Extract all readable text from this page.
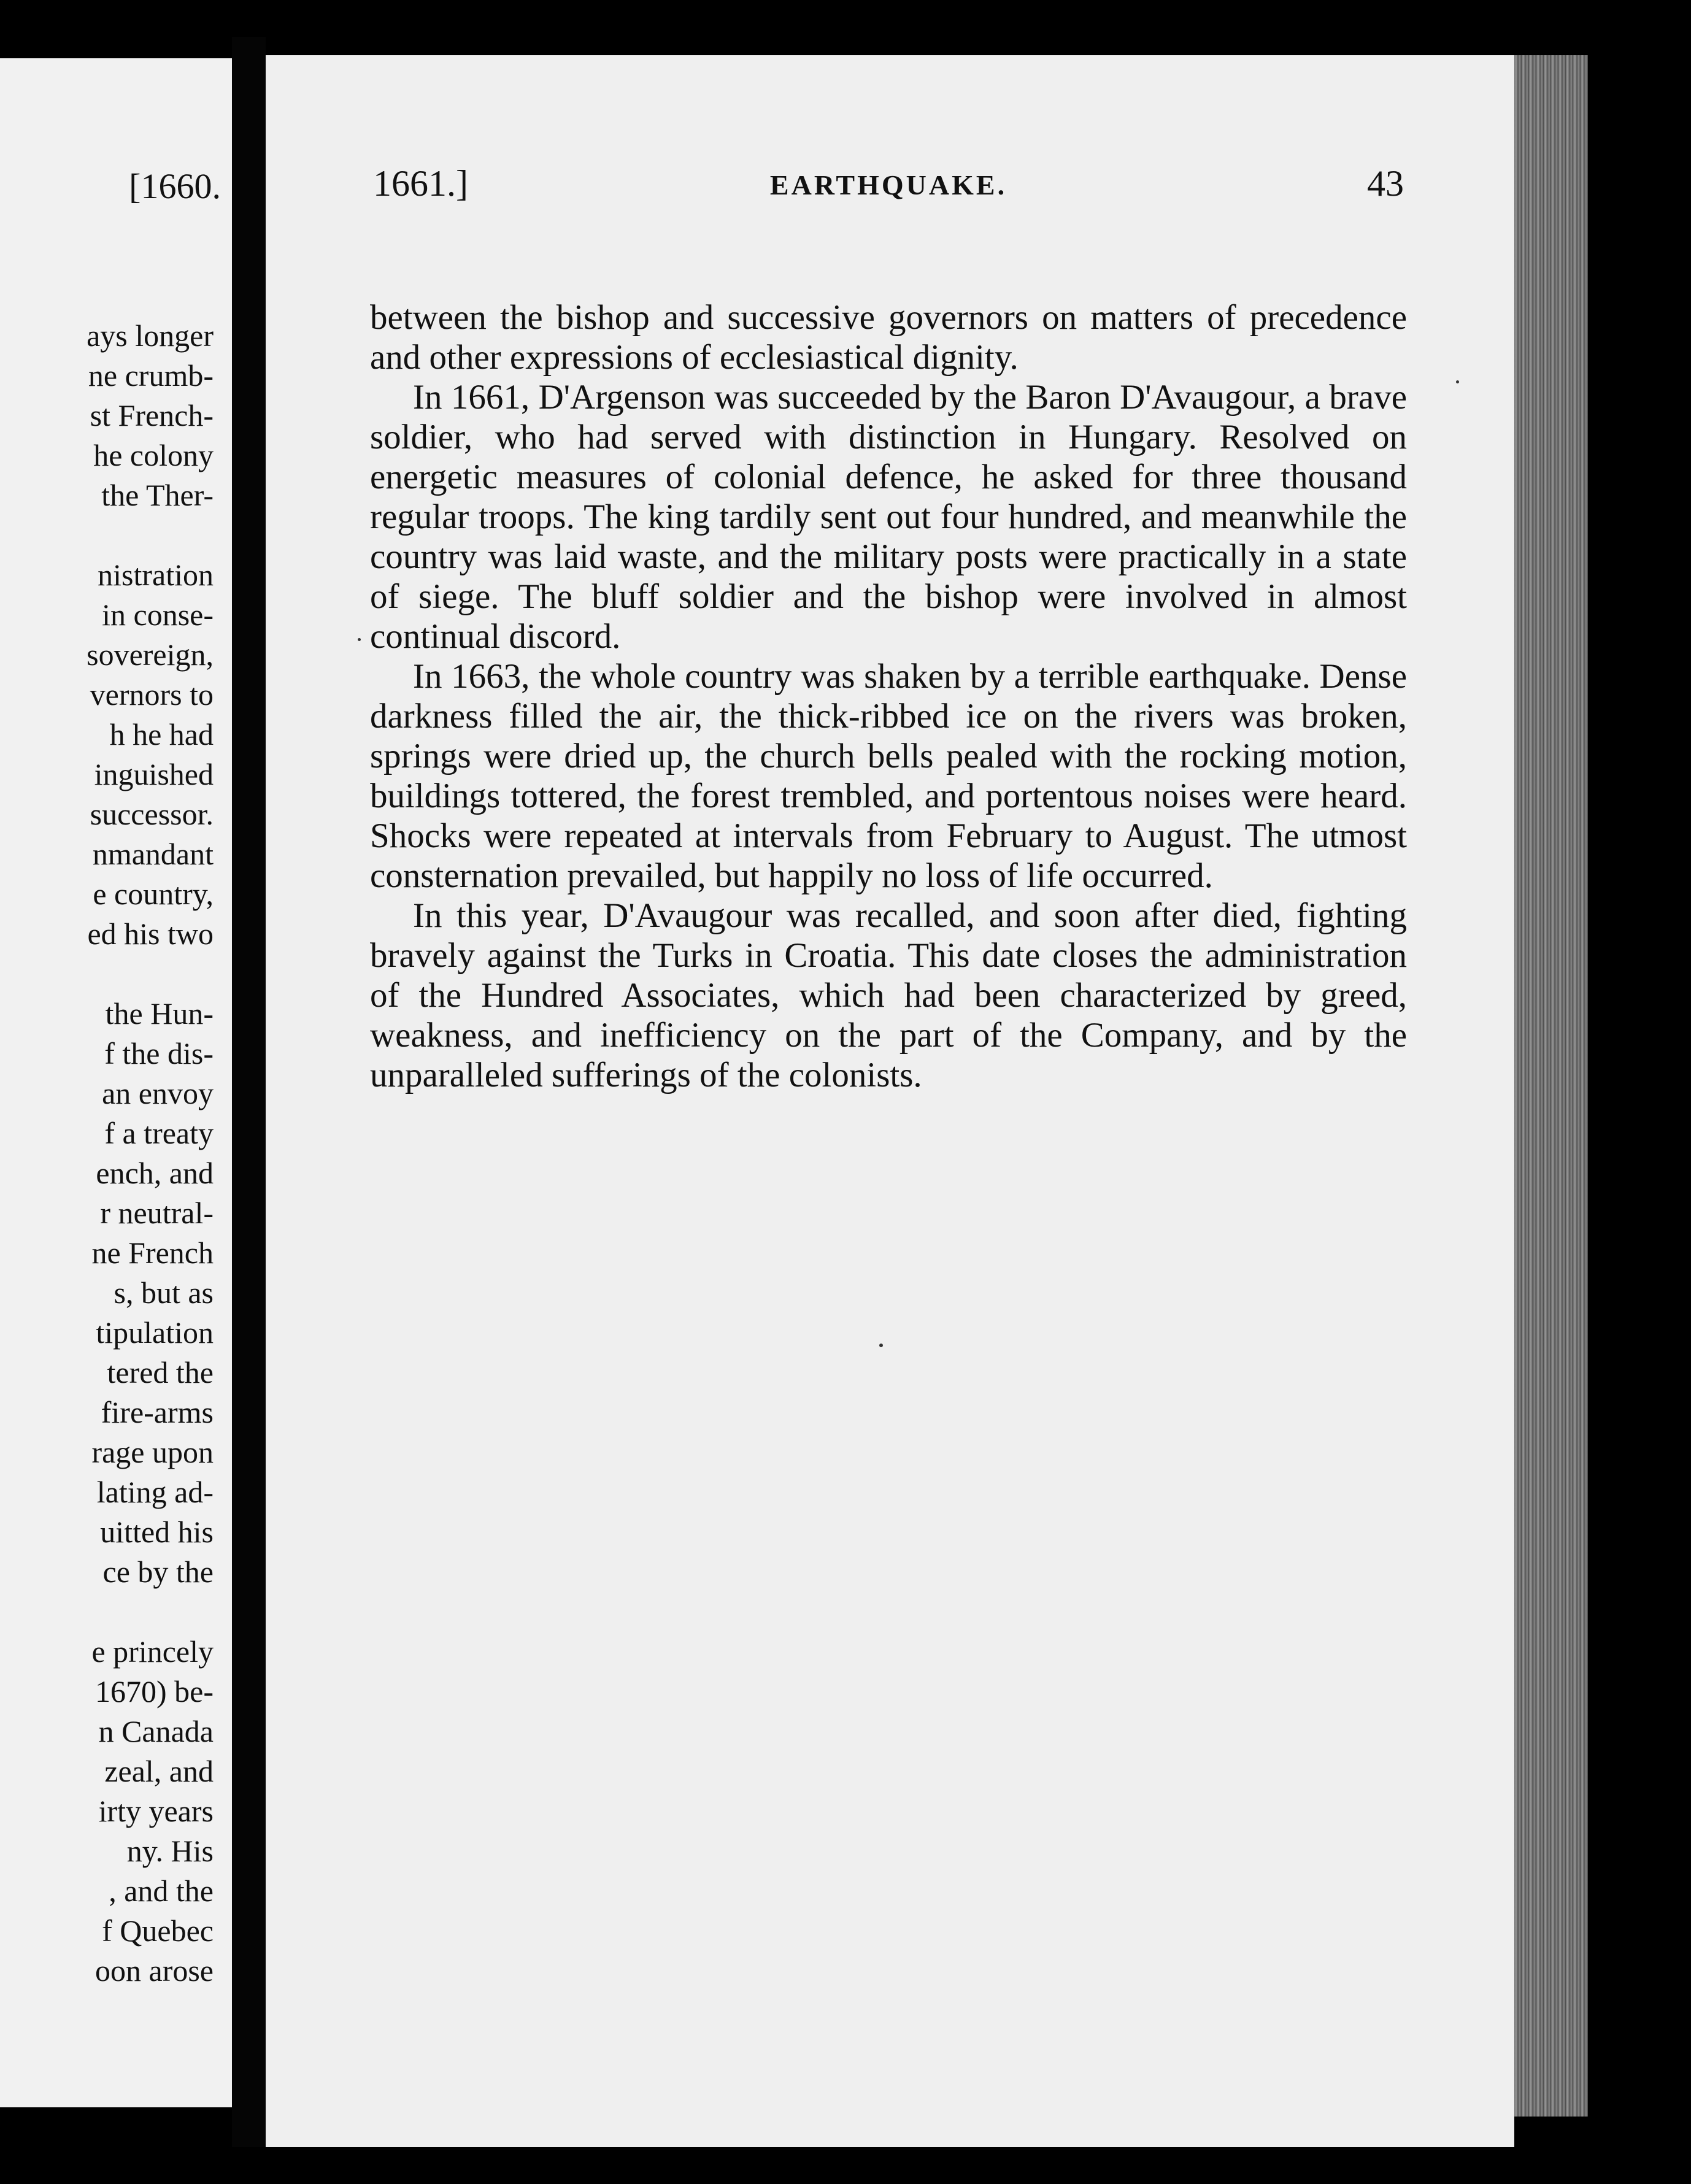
[1660.
ays longer
ne crumb-
st French-
he colony
the Ther-

nistration
in conse-
sovereign,
vernors to
h he had
inguished
successor.
nmandant
e country,
ed his two

the Hun-
f the dis-
an envoy
f a treaty
ench, and
r neutral-
ne French
s, but as
tipulation
tered the
fire-arms
rage upon
lating ad-
uitted his
ce by the

e princely
1670) be-
n Canada
zeal, and
irty years
ny. His
, and the
f Quebec
oon arose
1661.]	EARTHQUAKE.	43

between the bishop and successive governors on matters of precedence and other expressions of ecclesiastical dignity.

In 1661, D'Argenson was succeeded by the Baron D'Avaugour, a brave soldier, who had served with distinction in Hungary. Resolved on energetic measures of colonial defence, he asked for three thousand regular troops. The king tardily sent out four hundred, and meanwhile the country was laid waste, and the military posts were practically in a state of siege. The bluff soldier and the bishop were involved in almost continual discord.

In 1663, the whole country was shaken by a terrible earthquake. Dense darkness filled the air, the thick-ribbed ice on the rivers was broken, springs were dried up, the church bells pealed with the rocking motion, buildings tottered, the forest trembled, and portentous noises were heard. Shocks were repeated at intervals from February to August. The utmost consternation prevailed, but happily no loss of life occurred.

In this year, D'Avaugour was recalled, and soon after died, fighting bravely against the Turks in Croatia. This date closes the administration of the Hundred Associates, which had been characterized by greed, weakness, and inefficiency on the part of the Company, and by the unparalleled sufferings of the colonists.
